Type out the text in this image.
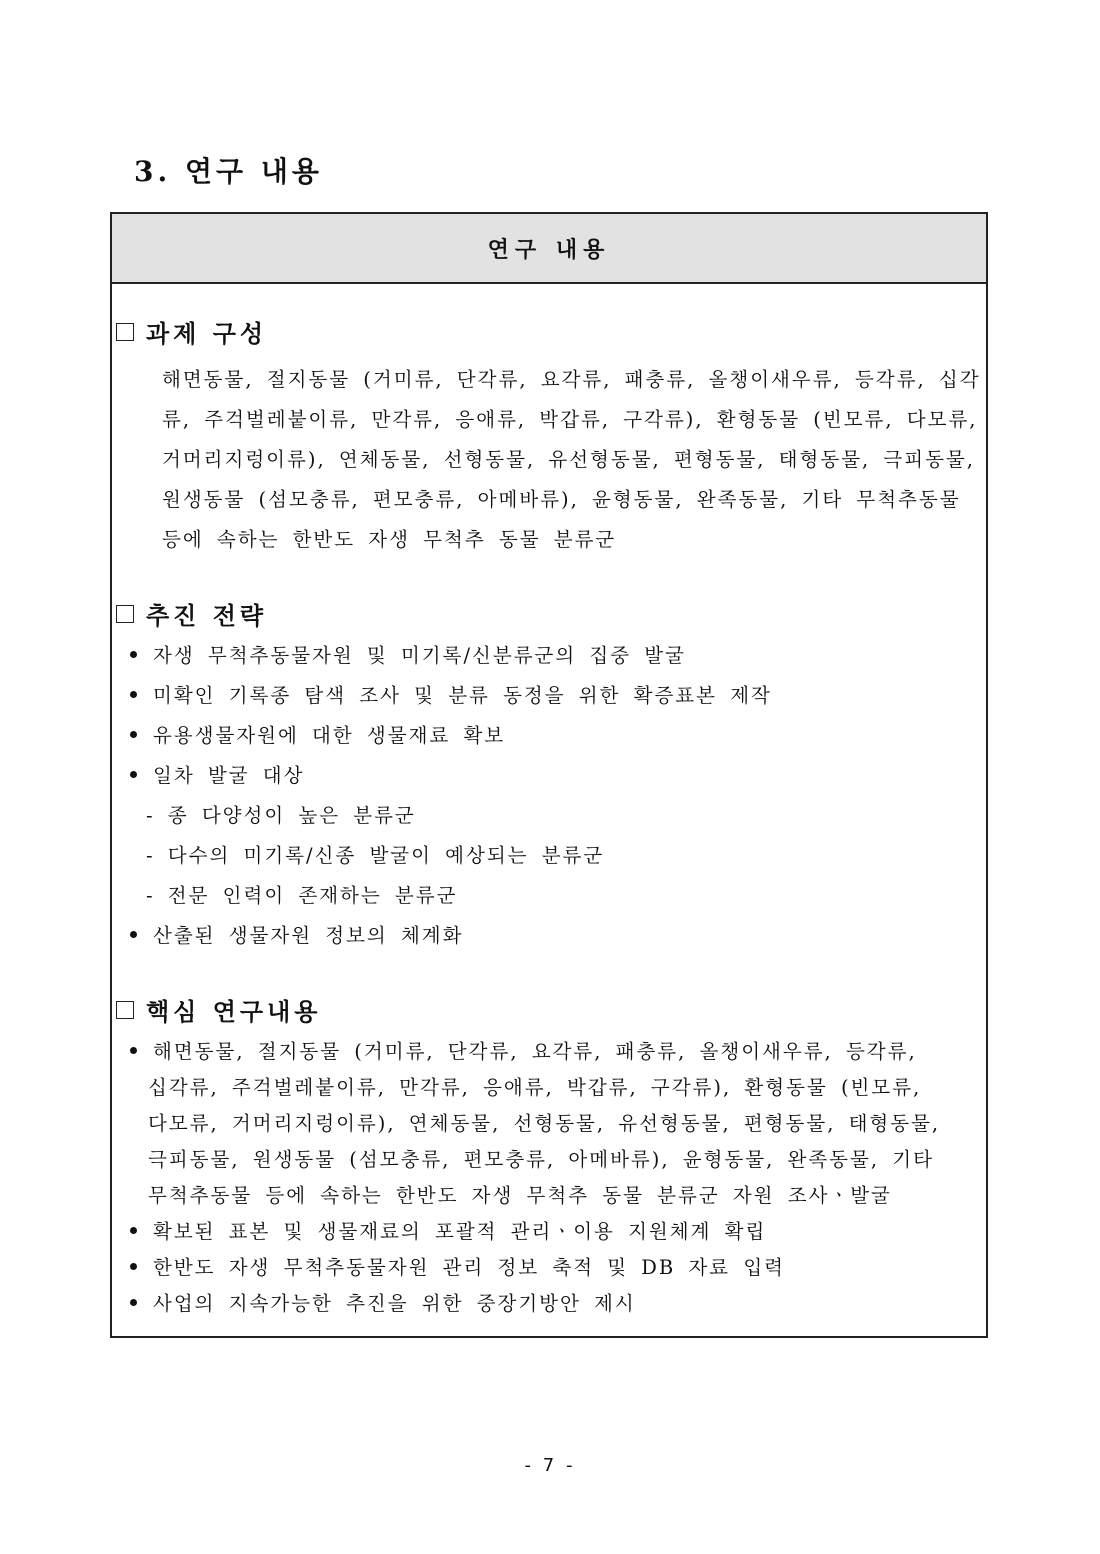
3. 연구 내용
연구 내용
과제 구성
해면동물, 절지동물 (거미류, 단각류, 요각류, 패충류, 올챙이새우류, 등각류, 십각
류, 주걱벌레붙이류, 만각류, 응애류, 박갑류, 구각류), 환형동물 (빈모류, 다모류,
거머리지렁이류), 연체동물, 선형동물, 유선형동물, 편형동물, 태형동물, 극피동물,
원생동물 (섬모충류, 편모충류, 아메바류), 윤형동물, 완족동물, 기타 무척추동물
등에 속하는 한반도 자생 무척추 동물 분류군
추진 전략
자생 무척추동물자원 및 미기록/신분류군의 집중 발굴
미확인 기록종 탐색 조사 및 분류 동정을 위한 확증표본 제작
유용생물자원에 대한 생물재료 확보
일차 발굴 대상
- 종 다양성이 높은 분류군
- 다수의 미기록/신종 발굴이 예상되는 분류군
- 전문 인력이 존재하는 분류군
산출된 생물자원 정보의 체계화
핵심 연구내용
해면동물, 절지동물 (거미류, 단각류, 요각류, 패충류, 올챙이새우류, 등각류,
십각류, 주걱벌레붙이류, 만각류, 응애류, 박갑류, 구각류), 환형동물 (빈모류,
다모류, 거머리지렁이류), 연체동물, 선형동물, 유선형동물, 편형동물, 태형동물,
극피동물, 원생동물 (섬모충류, 편모충류, 아메바류), 윤형동물, 완족동물, 기타
무척추동물 등에 속하는 한반도 자생 무척추 동물 분류군 자원 조사ㆍ발굴
확보된 표본 및 생물재료의 포괄적 관리ㆍ이용 지원체계 확립
한반도 자생 무척추동물자원 관리 정보 축적 및 DB 자료 입력
사업의 지속가능한 추진을 위한 중장기방안 제시
- 7 -
